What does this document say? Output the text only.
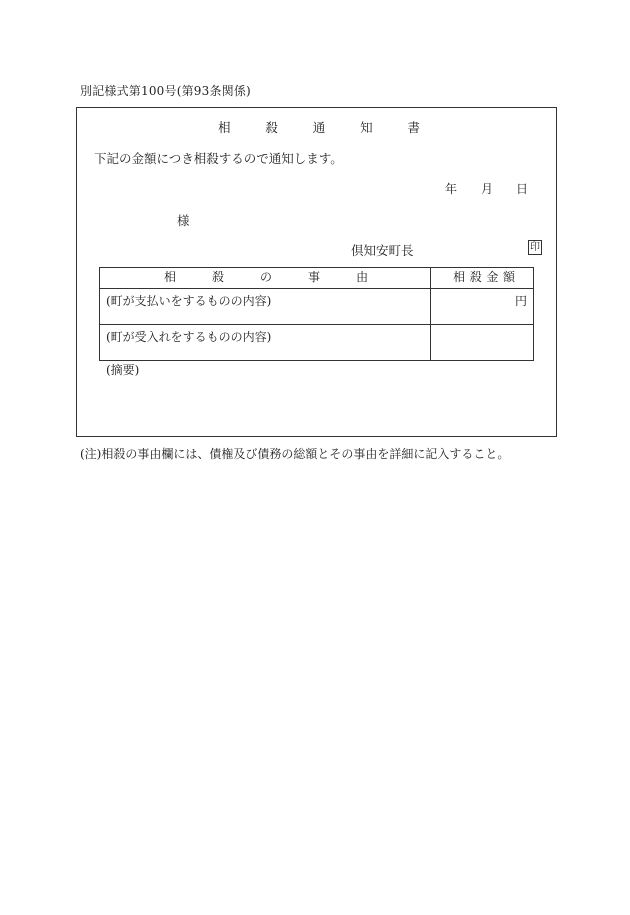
別記様式第100号(第93条関係)
相	殺	通	知	書
下記の金額につき相殺するので通知します。
年 月 日
様
倶知安町長	印
相 殺 の 事 由	相 殺 金 額

(町が支払いをするものの内容)	円
(町が受入れをするものの内容)	
(摘要)
(注)相殺の事由欄には、債権及び債務の総額とその事由を詳細に記入すること。
